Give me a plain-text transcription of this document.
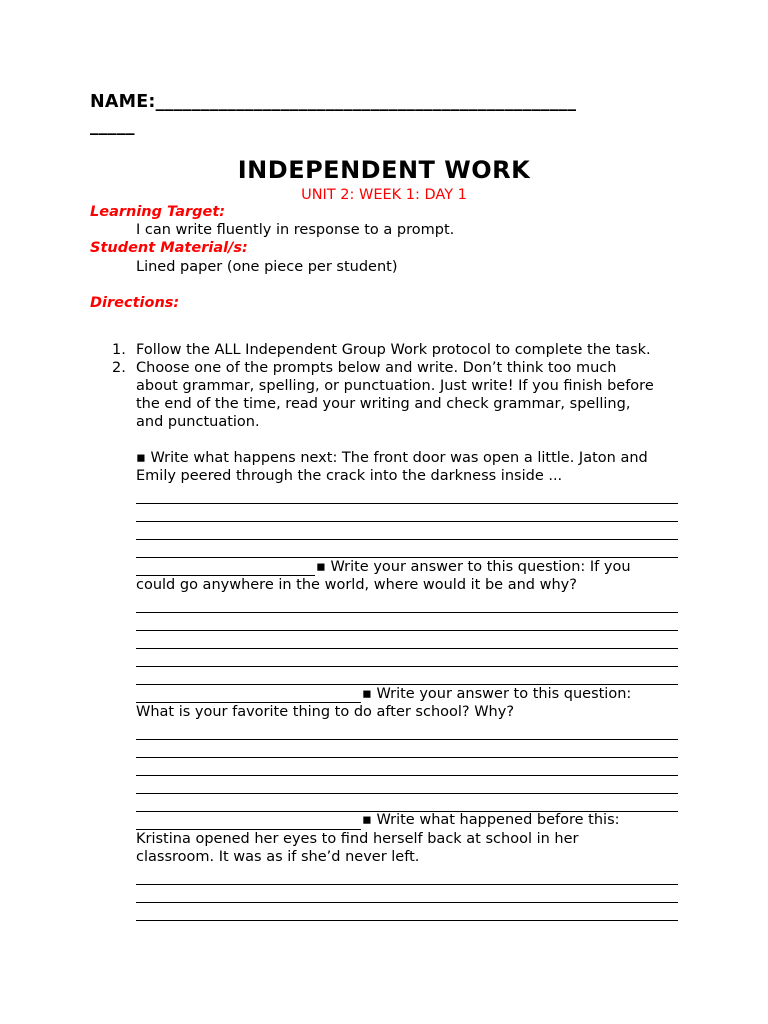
NAME:_______________________________________________
_____
INDEPENDENT WORK
UNIT 2: WEEK 1: DAY 1
Learning Target:
I can write fluently in response to a prompt.
Student Material/s:
Lined paper (one piece per student)
Directions:
1. Follow the ALL Independent Group Work protocol to complete the task.
2. Choose one of the prompts below and write. Don’t think too much
about grammar, spelling, or punctuation. Just write! If you finish before
the end of the time, read your writing and check grammar, spelling,
and punctuation.
▪ Write what happens next: The front door was open a little. Jaton and
Emily peered through the crack into the darkness inside ...
▪ Write your answer to this question: If you
could go anywhere in the world, where would it be and why?
▪ Write your answer to this question:
What is your favorite thing to do after school? Why?
▪ Write what happened before this:
Kristina opened her eyes to find herself back at school in her
classroom. It was as if she’d never left.
